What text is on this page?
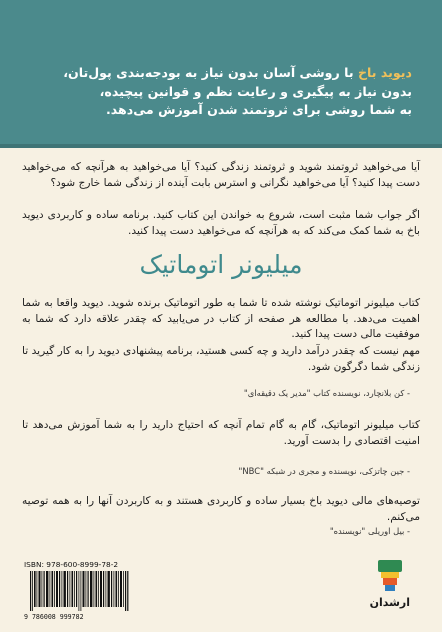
دیوید باخ با روشی آسان بدون نیاز به بودجه‌بندی پول‌تان،
بدون نیاز به پیگیری و رعایت نظم و قوانین پیچیده،
به شما روشی برای ثروتمند شدن آموزش می‌دهد.
آیا می‌خواهید ثروتمند شوید و ثروتمند زندگی کنید؟ آیا می‌خواهید به هرآنچه که می‌خواهید دست پیدا کنید؟ آیا می‌خواهید نگرانی و استرس بابت آینده از زندگی شما خارج شود؟
اگر جواب شما مثبت است، شروع به خواندن این کتاب کنید. برنامه ساده و کاربردی دیوید باخ به شما کمک می‌کند که به هرآنچه که می‌خواهید دست پیدا کنید.
میلیونر اتوماتیک
کتاب میلیونر اتوماتیک نوشته شده تا شما به طور اتوماتیک برنده شوید. دیوید واقعا به شما اهمیت می‌دهد. با مطالعه هر صفحه از کتاب در می‌یابید که چقدر علاقه دارد که شما به موفقیت مالی دست پیدا کنید.
مهم نیست که چقدر درآمد دارید و چه کسی هستید، برنامه پیشنهادی دیوید را به کار گیرید تا زندگی شما دگرگون شود.
- کن بلانچارد، نویسنده کتاب "مدیر یک دقیقه‌ای"
کتاب میلیونر اتوماتیک، گام به گام تمام آنچه که احتیاج دارید را به شما آموزش می‌دهد تا امنیت اقتصادی را بدست آورید.
- جین چاتزکی، نویسنده و مجری در شبکه "NBC"
توصیه‌های مالی دیوید باخ بسیار ساده و کاربردی هستند و به کاربردن آنها را به همه توصیه می‌کنم.
- بیل اوریلی "نویسنده"
ISBN: 978-600-8999-78-2
9 786008 999782
ارشدان
